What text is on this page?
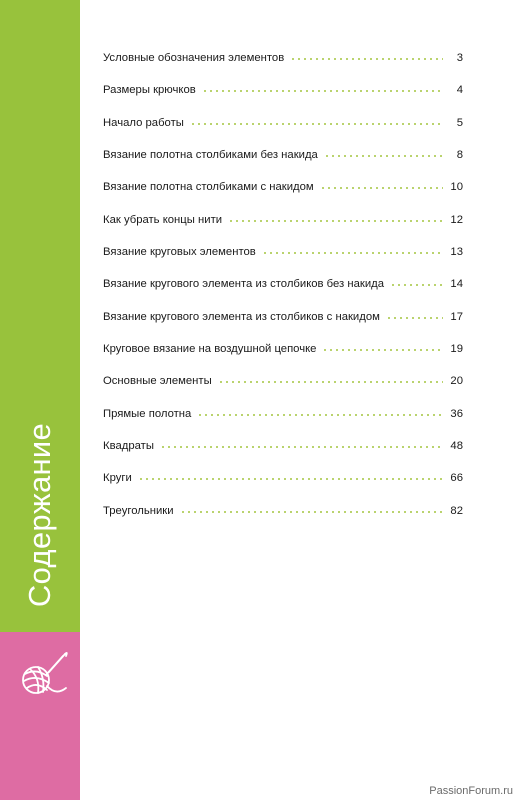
Содержание
Условные обозначения элементов	3
Размеры крючков	4
Начало работы	5
Вязание полотна столбиками без накида	8
Вязание полотна столбиками с накидом	10
Как убрать концы нити	12
Вязание круговых элементов	13
Вязание кругового элемента из столбиков без накида	14
Вязание кругового элемента из столбиков с накидом	17
Круговое вязание на воздушной цепочке	19
Основные элементы	20
Прямые полотна	36
Квадраты	48
Круги	66
Треугольники	82
PassionForum.ru
